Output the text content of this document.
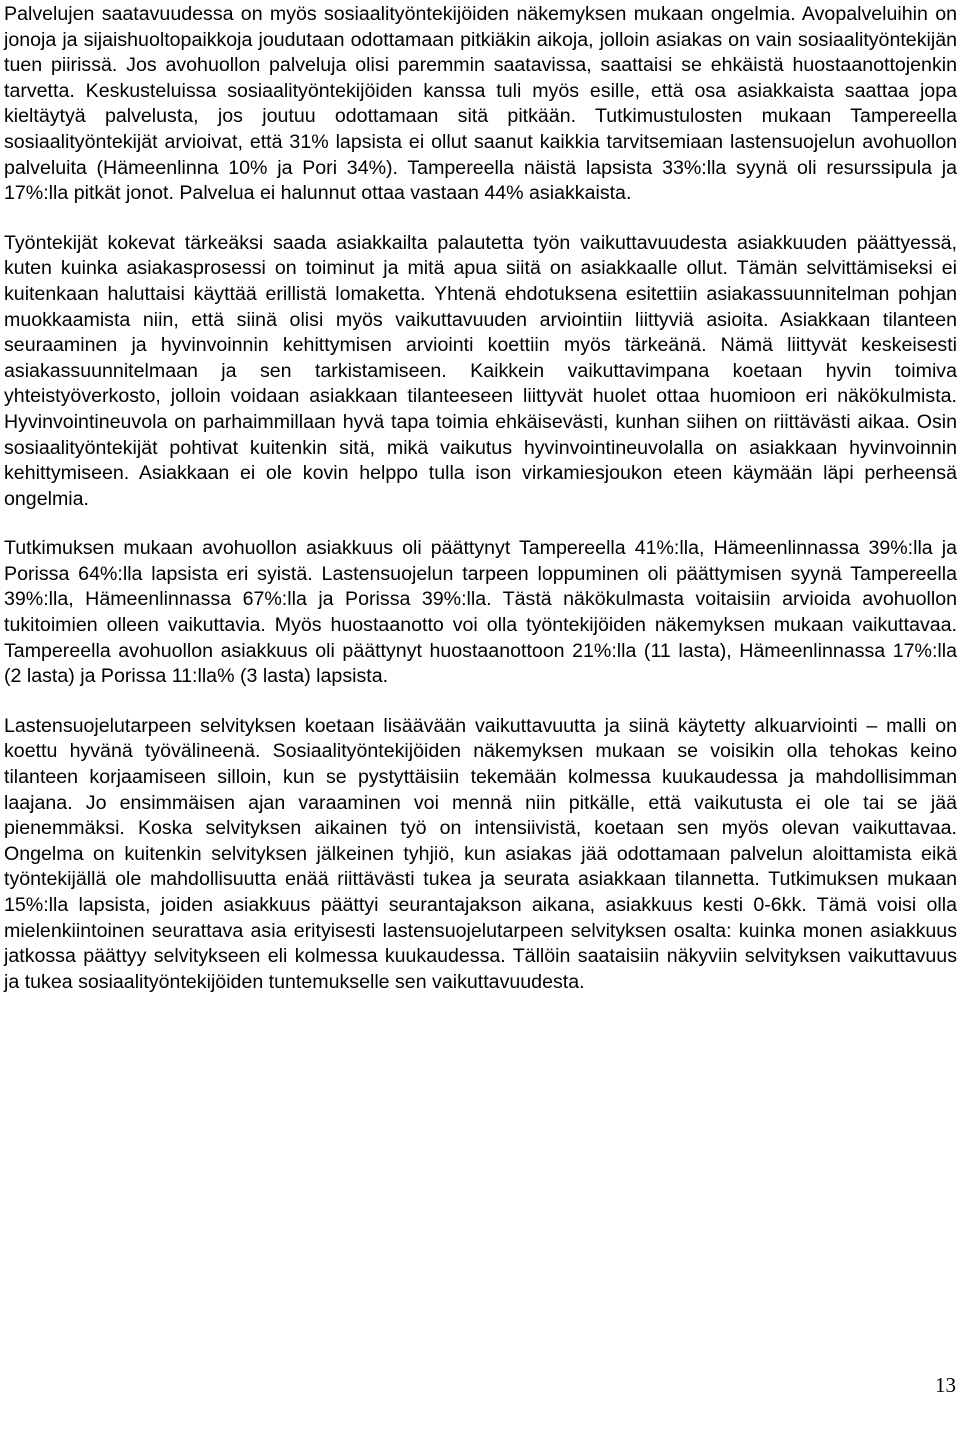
Palvelujen saatavuudessa on myös sosiaalityöntekijöiden näkemyksen mukaan ongelmia. Avopalveluihin on jonoja ja sijaishuoltopaikkoja joudutaan odottamaan pitkiäkin aikoja, jolloin asiakas on vain sosiaalityöntekijän tuen piirissä. Jos avohuollon palveluja olisi paremmin saatavissa, saattaisi se ehkäistä huostaanottojenkin tarvetta. Keskusteluissa sosiaalityöntekijöiden kanssa tuli myös esille, että osa asiakkaista saattaa jopa kieltäytyä palvelusta, jos joutuu odottamaan sitä pitkään. Tutkimustulosten mukaan Tampereella sosiaalityöntekijät arvioivat, että 31% lapsista ei ollut saanut kaikkia tarvitsemiaan lastensuojelun avohuollon palveluita (Hämeenlinna 10% ja Pori 34%). Tampereella näistä lapsista 33%:lla syynä oli resurssipula ja 17%:lla pitkät jonot. Palvelua ei halunnut ottaa vastaan 44% asiakkaista.

Työntekijät kokevat tärkeäksi saada asiakkailta palautetta työn vaikuttavuudesta asiakkuuden päättyessä, kuten kuinka asiakasprosessi on toiminut ja mitä apua siitä on asiakkaalle ollut. Tämän selvittämiseksi ei kuitenkaan haluttaisi käyttää erillistä lomaketta. Yhtenä ehdotuksena esitettiin asiakassuunnitelman pohjan muokkaamista niin, että siinä olisi myös vaikuttavuuden arviointiin liittyviä asioita. Asiakkaan tilanteen seuraaminen ja hyvinvoinnin kehittymisen arviointi koettiin myös tärkeänä. Nämä liittyvät keskeisesti asiakassuunnitelmaan ja sen tarkistamiseen. Kaikkein vaikuttavimpana koetaan hyvin toimiva yhteistyöverkosto, jolloin voidaan asiakkaan tilanteeseen liittyvät huolet ottaa huomioon eri näkökulmista. Hyvinvointineuvola on parhaimmillaan hyvä tapa toimia ehkäisevästi, kunhan siihen on riittävästi aikaa. Osin sosiaalityöntekijät pohtivat kuitenkin sitä, mikä vaikutus hyvinvointineuvolalla on asiakkaan hyvinvoinnin kehittymiseen. Asiakkaan ei ole kovin helppo tulla ison virkamiesjoukon eteen käymään läpi perheensä ongelmia.

Tutkimuksen mukaan avohuollon asiakkuus oli päättynyt Tampereella 41%:lla, Hämeenlinnassa 39%:lla ja Porissa 64%:lla lapsista eri syistä. Lastensuojelun tarpeen loppuminen oli päättymisen syynä Tampereella 39%:lla, Hämeenlinnassa 67%:lla ja Porissa 39%:lla. Tästä näkökulmasta voitaisiin arvioida avohuollon tukitoimien olleen vaikuttavia. Myös huostaanotto voi olla työntekijöiden näkemyksen mukaan vaikuttavaa. Tampereella avohuollon asiakkuus oli päättynyt huostaanottoon 21%:lla (11 lasta), Hämeenlinnassa 17%:lla (2 lasta) ja Porissa 11:lla% (3 lasta) lapsista.

Lastensuojelutarpeen selvityksen koetaan lisäävään vaikuttavuutta ja siinä käytetty alkuarviointi – malli on koettu hyvänä työvälineenä. Sosiaalityöntekijöiden näkemyksen mukaan se voisikin olla tehokas keino tilanteen korjaamiseen silloin, kun se pystyttäisiin tekemään kolmessa kuukaudessa ja mahdollisimman laajana. Jo ensimmäisen ajan varaaminen voi mennä niin pitkälle, että vaikutusta ei ole tai se jää pienemmäksi. Koska selvityksen aikainen työ on intensiivistä, koetaan sen myös olevan vaikuttavaa. Ongelma on kuitenkin selvityksen jälkeinen tyhjiö, kun asiakas jää odottamaan palvelun aloittamista eikä työntekijällä ole mahdollisuutta enää riittävästi tukea ja seurata asiakkaan tilannetta. Tutkimuksen mukaan 15%:lla lapsista, joiden asiakkuus päättyi seurantajakson aikana, asiakkuus kesti 0-6kk. Tämä voisi olla mielenkiintoinen seurattava asia erityisesti lastensuojelutarpeen selvityksen osalta: kuinka monen asiakkuus jatkossa päättyy selvitykseen eli kolmessa kuukaudessa. Tällöin saataisiin näkyviin selvityksen vaikuttavuus ja tukea sosiaalityöntekijöiden tuntemukselle sen vaikuttavuudesta.

13
